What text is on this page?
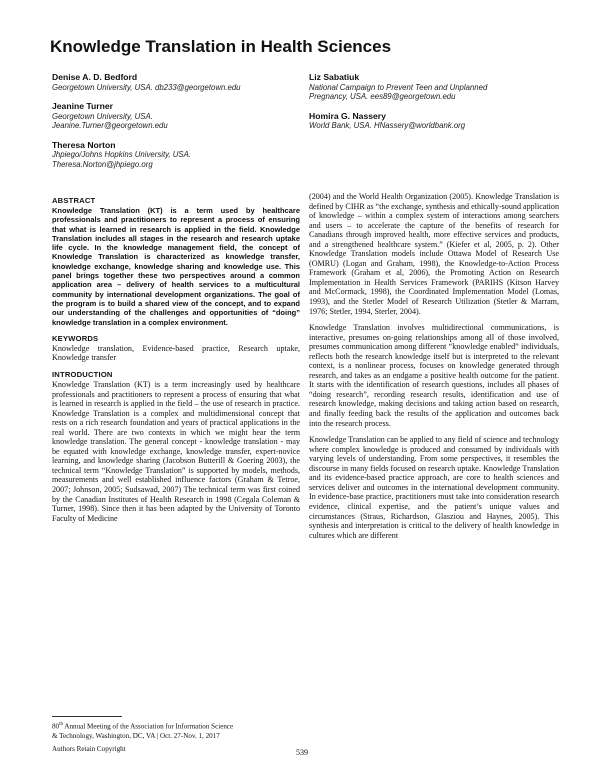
Knowledge Translation in Health Sciences
Denise A. D. Bedford
Georgetown University, USA. db233@georgetown.edu
Jeanine Turner
Georgetown University, USA.
Jeanine.Turner@georgetown.edu
Theresa Norton
Jhpiego/Johns Hopkins University, USA.
Theresa.Norton@jhpiego.org
Liz Sabatiuk
National Campaign to Prevent Teen and Unplanned
Pregnancy, USA. ees89@georgetown.edu
Homira G. Nassery
World Bank, USA. HNassery@worldbank.org
ABSTRACT

Knowledge Translation (KT) is a term used by healthcare professionals and practitioners to represent a process of ensuring that what is learned in research is applied in the field. Knowledge Translation includes all stages in the research and research uptake life cycle. In the knowledge management field, the concept of Knowledge Translation is characterized as knowledge transfer, knowledge exchange, knowledge sharing and knowledge use. This panel brings together these two perspectives around a common application area – delivery of health services to a multicultural community by international development organizations. The goal of the program is to build a shared view of the concept, and to expand our understanding of the challenges and opportunities of “doing” knowledge translation in a complex environment.

KEYWORDS

Knowledge translation, Evidence-based practice, Research uptake, Knowledge transfer

INTRODUCTION

Knowledge Translation (KT) is a term increasingly used by healthcare professionals and practitioners to represent a process of ensuring that what is learned in research is applied in the field – the use of research in practice. Knowledge Translation is a complex and multidimensional concept that rests on a rich research foundation and years of practical applications in the real world. There are two contexts in which we might hear the term knowledge translation. The general concept - knowledge translation - may be equated with knowledge exchange, knowledge transfer, expert-novice learning, and knowledge sharing (Jacobson Butterill & Goering 2003), the technical term “Knowledge Translation” is supported by models, methods, measurements and well established influence factors (Graham & Tetroe, 2007; Johnson, 2005; Sudsawad, 2007) The technical term was first coined by the Canadian Institutes of Health Research in 1998 (Cegala Coleman & Turner, 1998). Since then it has been adapted by the University of Toronto Faculty of Medicine

(2004) and the World Health Organization (2005). Knowledge Translation is defined by CIHR as “the exchange, synthesis and ethically-sound application of knowledge – within a complex system of interactions among searchers and users – to accelerate the capture of the benefits of research for Canadians through improved health, more effective services and products, and a strengthened healthcare system.” (Kiefer et al, 2005, p. 2). Other Knowledge Translation models include Ottawa Model of Research Use (OMRU) (Logan and Graham, 1998), the Knowledge-to-Action Process Framework (Graham et al, 2006), the Promoting Action on Research Implementation in Health Services Framework (PARIHS (Kitson Harvey and McCormack, 1998), the Coordinated Implementation Model (Lomas, 1993), and the Stetler Model of Research Utilization (Stetler & Marram, 1976; Stetler, 1994, Sterler, 2004).

Knowledge Translation involves multidirectional communications, is interactive, presumes on-going relationships among all of those involved, presumes communication among different “knowledge enabled” individuals, reflects both the research knowledge itself but is interpreted to the relevant context, is a nonlinear process, focuses on knowledge generated through research, and takes as an endgame a positive health outcome for the patient. It starts with the identification of research questions, includes all phases of “doing research”, recording research results, identification and use of research knowledge, making decisions and taking action based on research, and finally feeding back the results of the application and outcomes back into the research process.

Knowledge Translation can be applied to any field of science and technology where complex knowledge is produced and consumed by individuals with varying levels of understanding. From some perspectives, it resembles the discourse in many fields focused on research uptake. Knowledge Translation and its evidence-based practice approach, are core to health sciences and services deliver and outcomes in the international development community. In evidence-base practice, practitioners must take into consideration research evidence, clinical expertise, and the patient’s unique values and circumstances (Straus, Richardson, Glasziou and Haynes, 2005). This synthesis and interpretation is critical to the delivery of health knowledge in cultures which are different

80th Annual Meeting of the Association for Information Science
& Technology, Washington, DC, VA | Oct. 27-Nov. 1, 2017
Authors Retain Copyright	539
